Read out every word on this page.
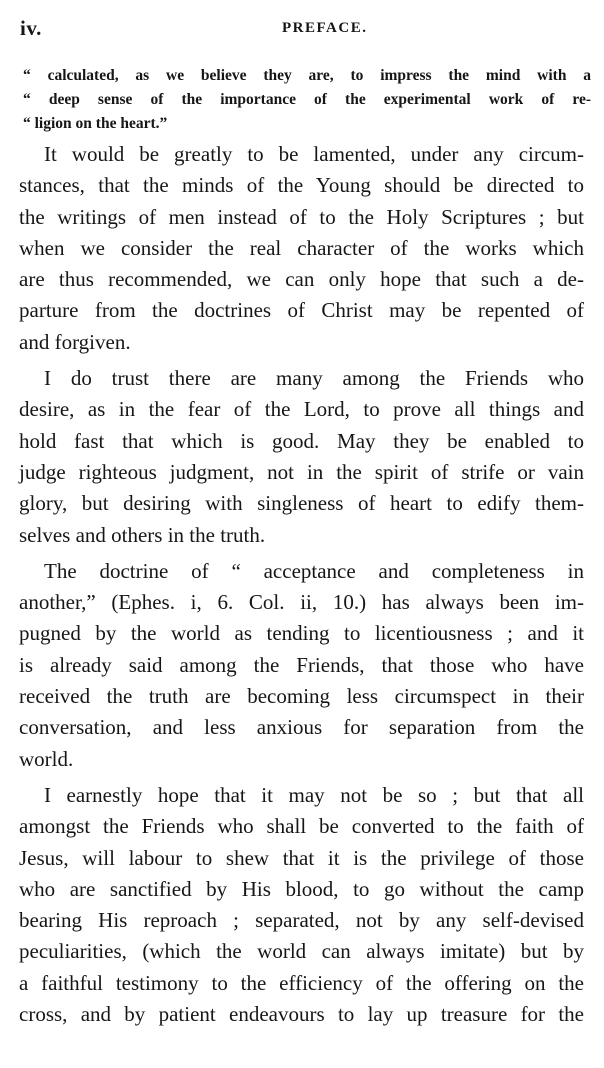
iv.	PREFACE.
“ calculated, as we believe they are, to impress the mind with a
“ deep sense of the importance of the experimental work of re-
“ ligion on the heart.”
It would be greatly to be lamented, under any circum-
stances, that the minds of the Young should be directed to
the writings of men instead of to the Holy Scriptures ; but
when we consider the real character of the works which
are thus recommended, we can only hope that such a de-
parture from the doctrines of Christ may be repented of
and forgiven.
I do trust there are many among the Friends who
desire, as in the fear of the Lord, to prove all things and
hold fast that which is good. May they be enabled to
judge righteous judgment, not in the spirit of strife or vain
glory, but desiring with singleness of heart to edify them-
selves and others in the truth.
The doctrine of “ acceptance and completeness in
another,” (Ephes. i, 6. Col. ii, 10.) has always been im-
pugned by the world as tending to licentiousness ; and it
is already said among the Friends, that those who have
received the truth are becoming less circumspect in their
conversation, and less anxious for separation from the
world.
I earnestly hope that it may not be so ; but that all
amongst the Friends who shall be converted to the faith of
Jesus, will labour to shew that it is the privilege of those
who are sanctified by His blood, to go without the camp
bearing His reproach ; separated, not by any self-devised
peculiarities, (which the world can always imitate) but by
a faithful testimony to the efficiency of the offering on the
cross, and by patient endeavours to lay up treasure for the
